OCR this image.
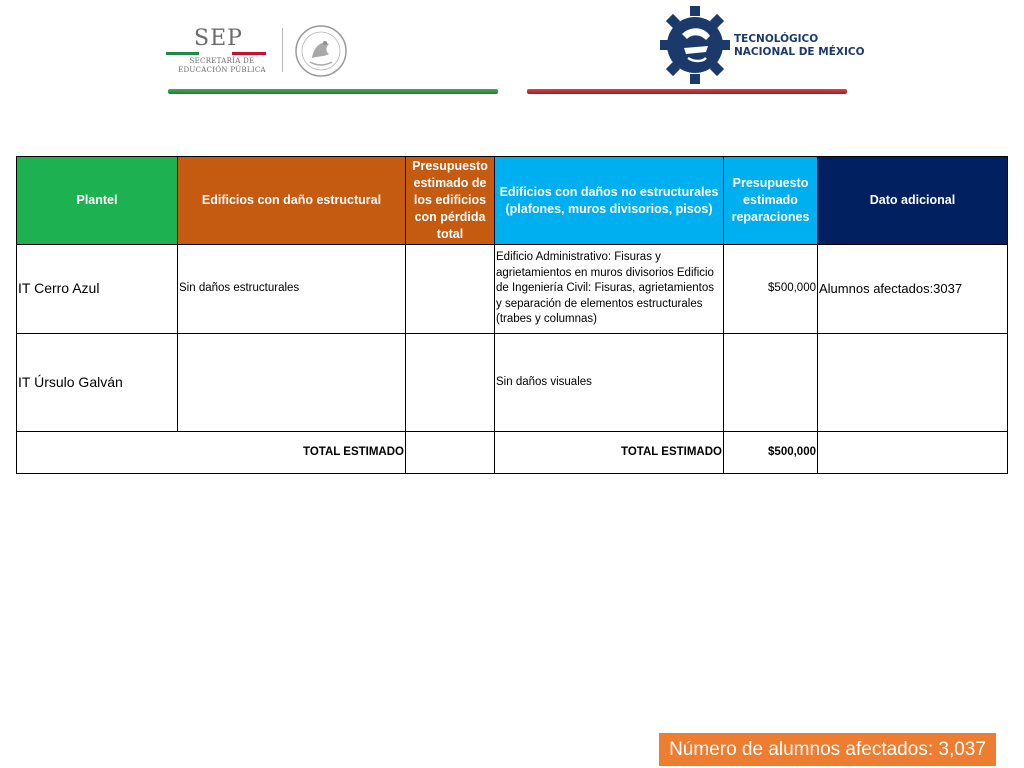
SEP
SECRETARÍA DE
EDUCACIÓN PÚBLICA
TECNOLÓGICO
NACIONAL DE MÉXICO
Plantel	Edificios con daño estructural	Presupuesto estimado de los edificios con pérdida total	Edificios con daños no estructurales (plafones, muros divisorios, pisos)	Presupuesto estimado reparaciones	Dato adicional
IT Cerro Azul	Sin daños estructurales		Edificio Administrativo: Fisuras y agrietamientos en muros divisorios Edificio de Ingeniería Civil: Fisuras, agrietamientos y separación de elementos estructurales (trabes y columnas)	$500,000	Alumnos afectados:3037
IT Úrsulo Galván			Sin daños visuales		
TOTAL ESTIMADO			TOTAL ESTIMADO	$500,000	
Número de alumnos afectados: 3,037
